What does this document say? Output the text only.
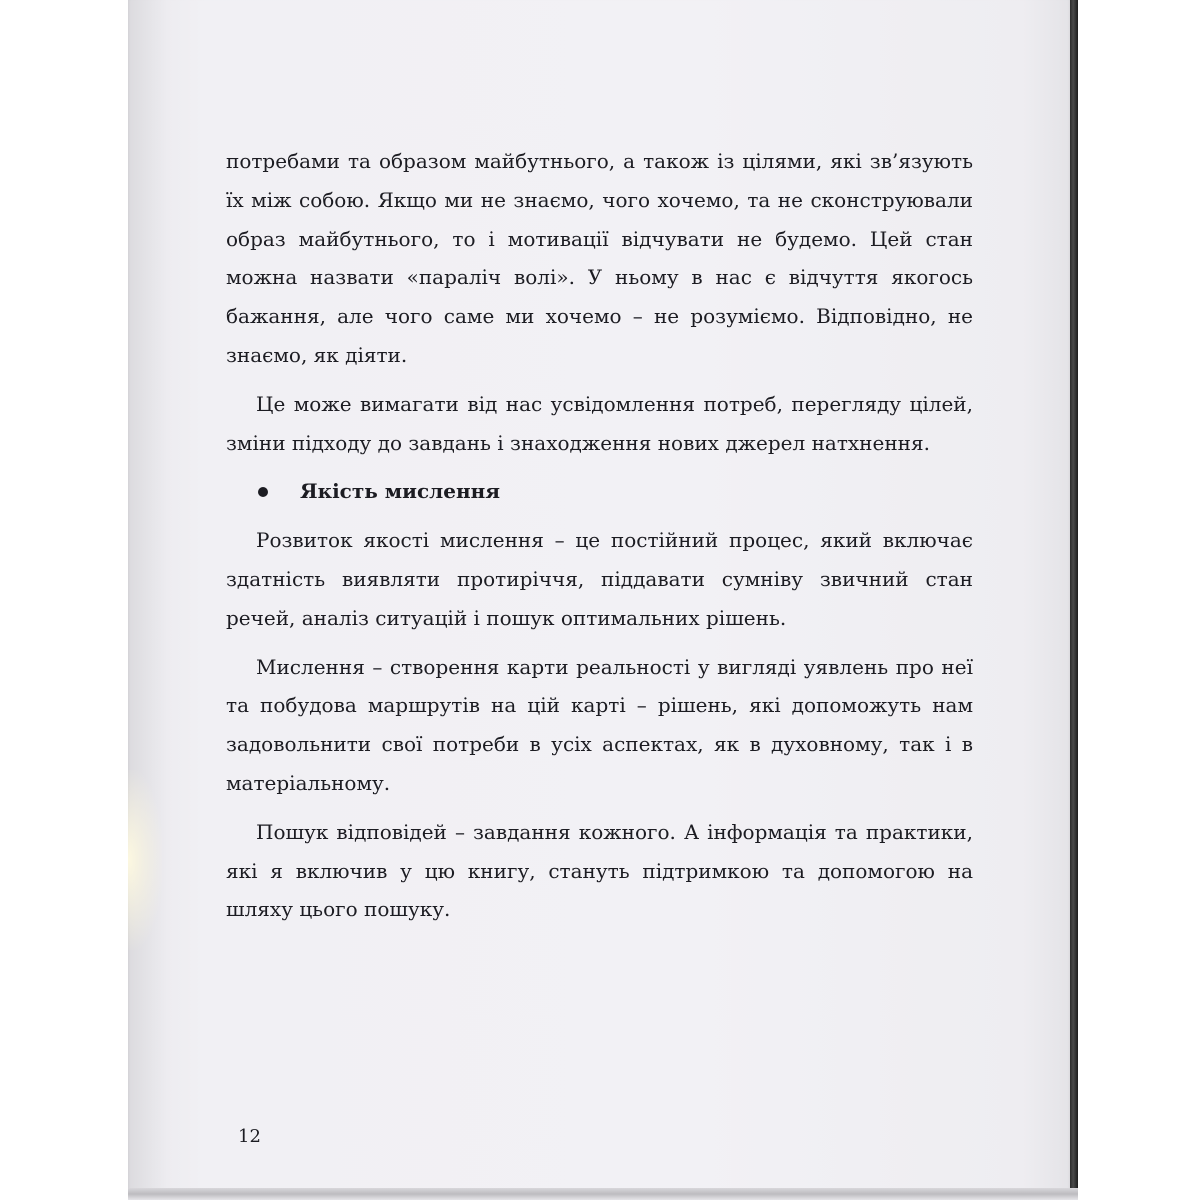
потребами та образом майбутнього, а також із цілями, які зв’язують їх між собою. Якщо ми не знаємо, чого хочемо, та не сконструювали образ майбутнього, то і мотивації відчувати не будемо. Цей стан можна назвати «параліч волі». У ньому в нас є відчуття якогось бажання, але чого саме ми хочемо – не розуміємо. Відповідно, не знаємо, як діяти.

Це може вимагати від нас усвідомлення потреб, перегляду цілей, зміни підходу до завдань і знаходження нових джерел натхнення.

Якість мислення

Розвиток якості мислення – це постійний процес, який включає здатність виявляти протиріччя, піддавати сумніву звичний стан речей, аналіз ситуацій і пошук оптимальних рішень.

Мислення – створення карти реальності у вигляді уявлень про неї та побудова маршрутів на цій карті – рішень, які допоможуть нам задовольнити свої потреби в усіх аспектах, як в духовному, так і в матеріальному.

Пошук відповідей – завдання кожного. А інформація та практики, які я включив у цю книгу, стануть підтримкою та допомогою на шляху цього пошуку.

12
